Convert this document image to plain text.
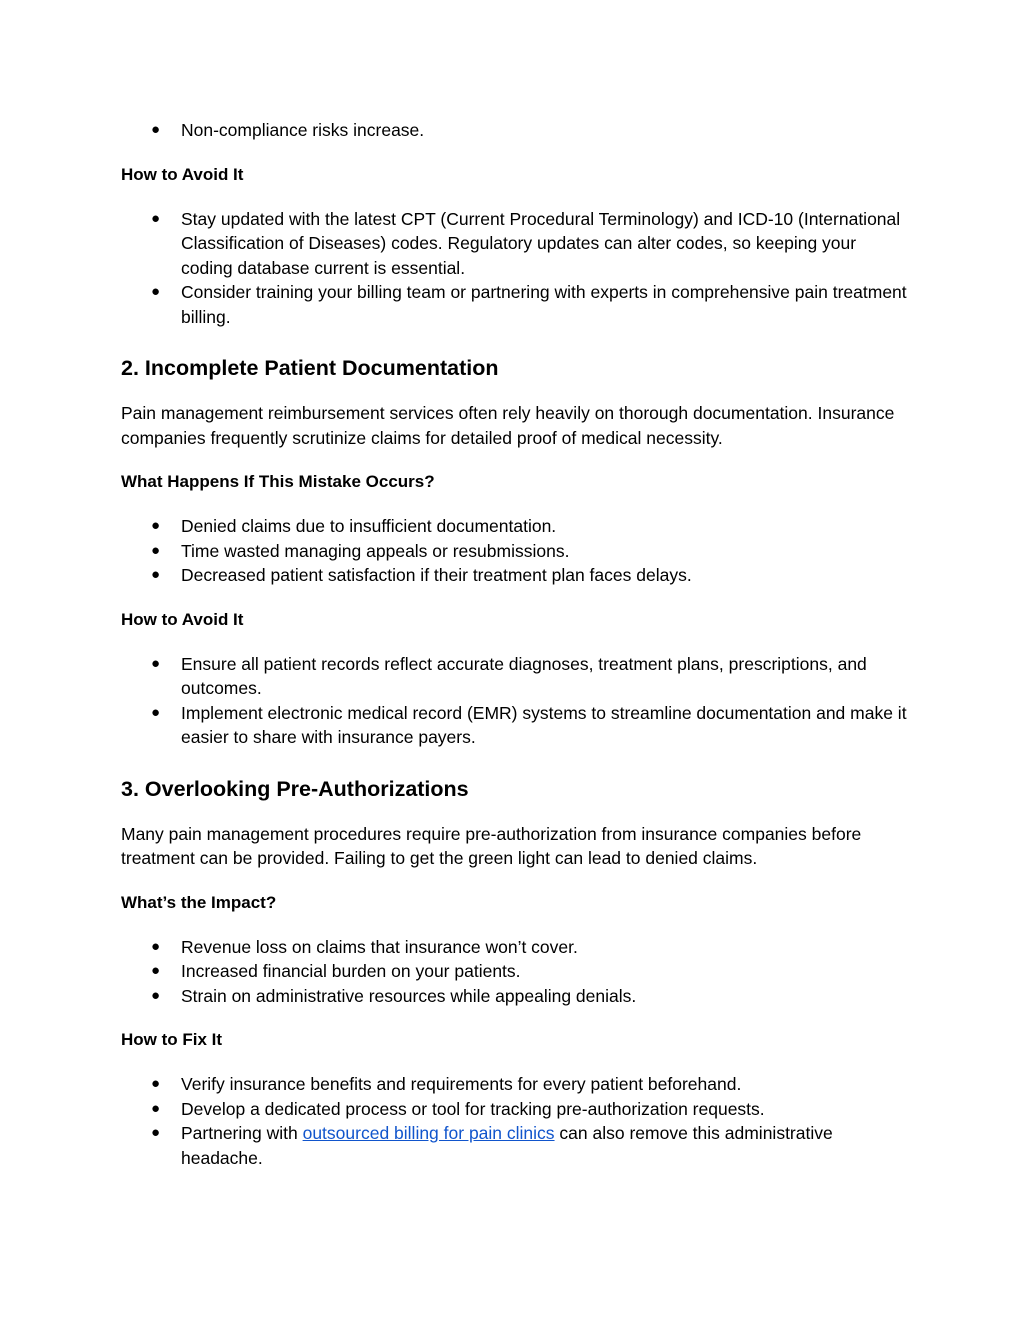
● Non-compliance risks increase.

How to Avoid It

● Stay updated with the latest CPT (Current Procedural Terminology) and ICD-10 (International Classification of Diseases) codes. Regulatory updates can alter codes, so keeping your coding database current is essential.
● Consider training your billing team or partnering with experts in comprehensive pain treatment billing.
2. Incomplete Patient Documentation

Pain management reimbursement services often rely heavily on thorough documentation. Insurance companies frequently scrutinize claims for detailed proof of medical necessity.

What Happens If This Mistake Occurs?

● Denied claims due to insufficient documentation.
● Time wasted managing appeals or resubmissions.
● Decreased patient satisfaction if their treatment plan faces delays.

How to Avoid It

● Ensure all patient records reflect accurate diagnoses, treatment plans, prescriptions, and outcomes.
● Implement electronic medical record (EMR) systems to streamline documentation and make it easier to share with insurance payers.
3. Overlooking Pre-Authorizations

Many pain management procedures require pre-authorization from insurance companies before treatment can be provided. Failing to get the green light can lead to denied claims.

What’s the Impact?

● Revenue loss on claims that insurance won’t cover.
● Increased financial burden on your patients.
● Strain on administrative resources while appealing denials.

How to Fix It

● Verify insurance benefits and requirements for every patient beforehand.
● Develop a dedicated process or tool for tracking pre-authorization requests.
● Partnering with outsourced billing for pain clinics can also remove this administrative headache.
